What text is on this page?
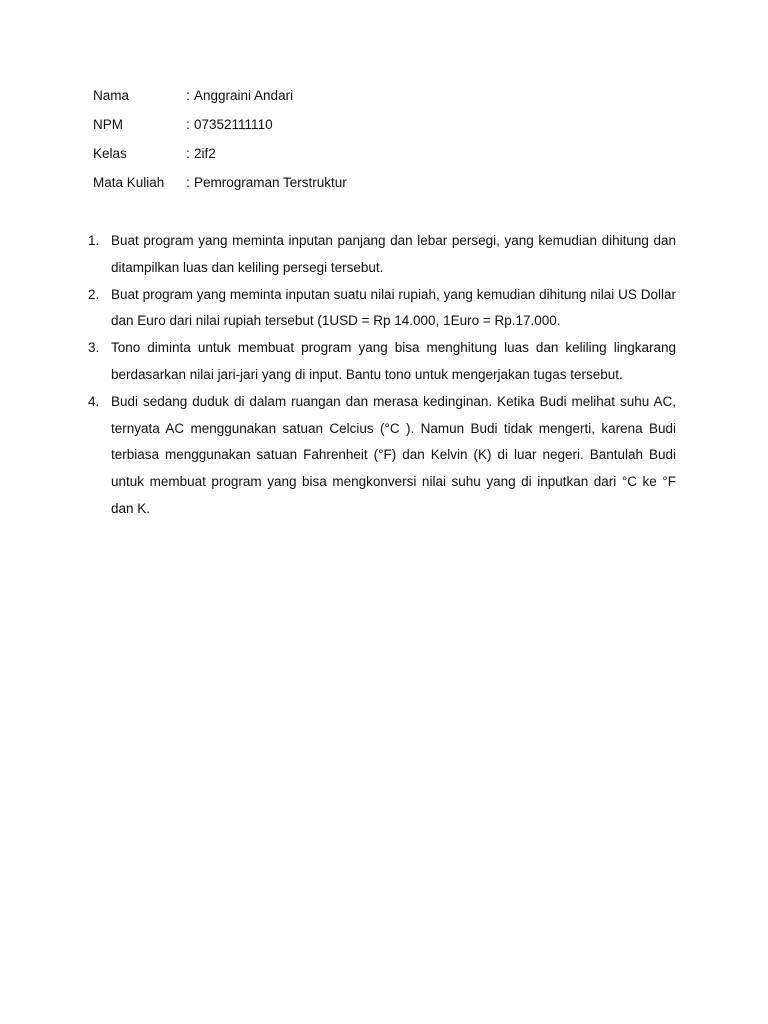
Nama	: Anggraini Andari
NPM	: 07352111110
Kelas	: 2if2
Mata Kuliah	: Pemrograman Terstruktur
1. Buat program yang meminta inputan panjang dan lebar persegi, yang kemudian dihitung dan ditampilkan luas dan keliling persegi tersebut.
2. Buat program yang meminta inputan suatu nilai rupiah, yang kemudian dihitung nilai US Dollar dan Euro dari nilai rupiah tersebut (1USD = Rp 14.000, 1Euro = Rp.17.000.
3. Tono diminta untuk membuat program yang bisa menghitung luas dan keliling lingkarang berdasarkan nilai jari-jari yang di input. Bantu tono untuk mengerjakan tugas tersebut.
4. Budi sedang duduk di dalam ruangan dan merasa kedinginan. Ketika Budi melihat suhu AC, ternyata AC menggunakan satuan Celcius (°C ). Namun Budi tidak mengerti, karena Budi terbiasa menggunakan satuan Fahrenheit (°F) dan Kelvin (K) di luar negeri. Bantulah Budi untuk membuat program yang bisa mengkonversi nilai suhu yang di inputkan dari °C ke °F dan K.
